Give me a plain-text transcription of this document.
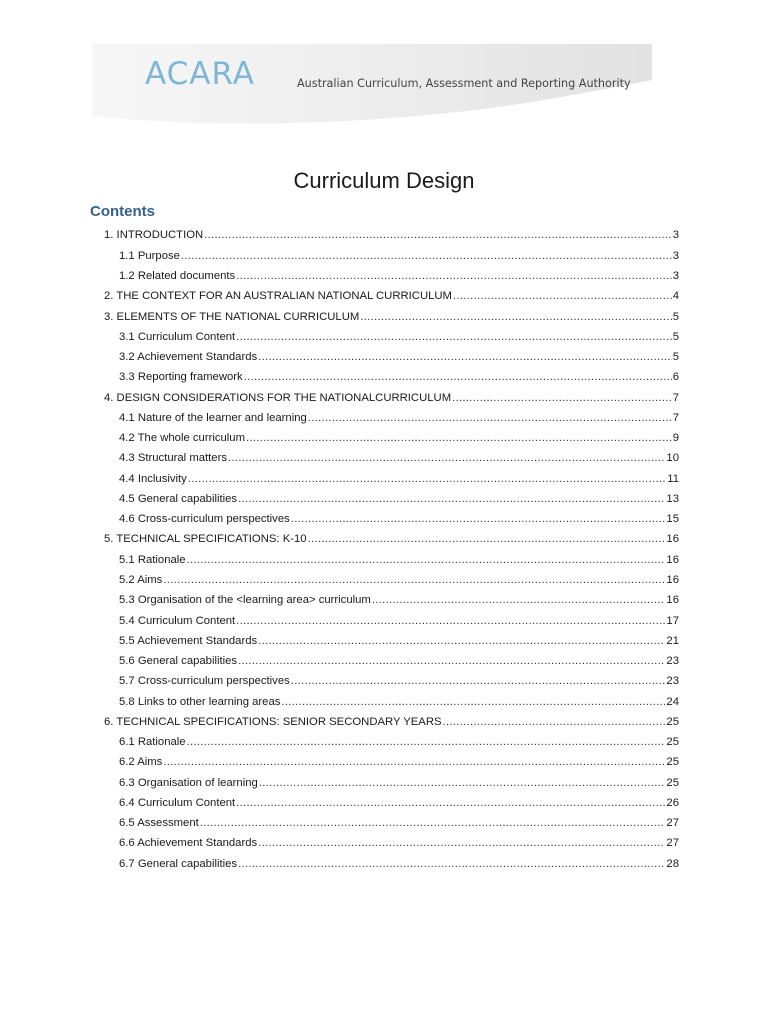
ACARA	Australian Curriculum, Assessment and Reporting Authority
Curriculum Design
Contents
1. INTRODUCTION .....	3
1.1 Purpose .....	3
1.2 Related documents .....	3
2. THE CONTEXT FOR AN AUSTRALIAN NATIONAL CURRICULUM .....	4
3. ELEMENTS OF THE NATIONAL CURRICULUM .....	5
3.1 Curriculum Content .....	5
3.2 Achievement Standards .....	5
3.3 Reporting framework .....	6
4. DESIGN CONSIDERATIONS FOR THE NATIONALCURRICULUM .....	7
4.1 Nature of the learner and learning .....	7
4.2 The whole curriculum .....	9
4.3 Structural matters .....	10
4.4 Inclusivity .....	11
4.5 General capabilities .....	13
4.6 Cross-curriculum perspectives .....	15
5. TECHNICAL SPECIFICATIONS: K-10 .....	16
5.1 Rationale .....	16
5.2 Aims .....	16
5.3 Organisation of the <learning area> curriculum .....	16
5.4 Curriculum Content .....	17
5.5 Achievement Standards .....	21
5.6 General capabilities .....	23
5.7 Cross-curriculum perspectives .....	23
5.8 Links to other learning areas .....	24
6. TECHNICAL SPECIFICATIONS: SENIOR SECONDARY YEARS .....	25
6.1 Rationale .....	25
6.2 Aims .....	25
6.3 Organisation of learning .....	25
6.4 Curriculum Content .....	26
6.5 Assessment .....	27
6.6 Achievement Standards .....	27
6.7 General capabilities .....	28
